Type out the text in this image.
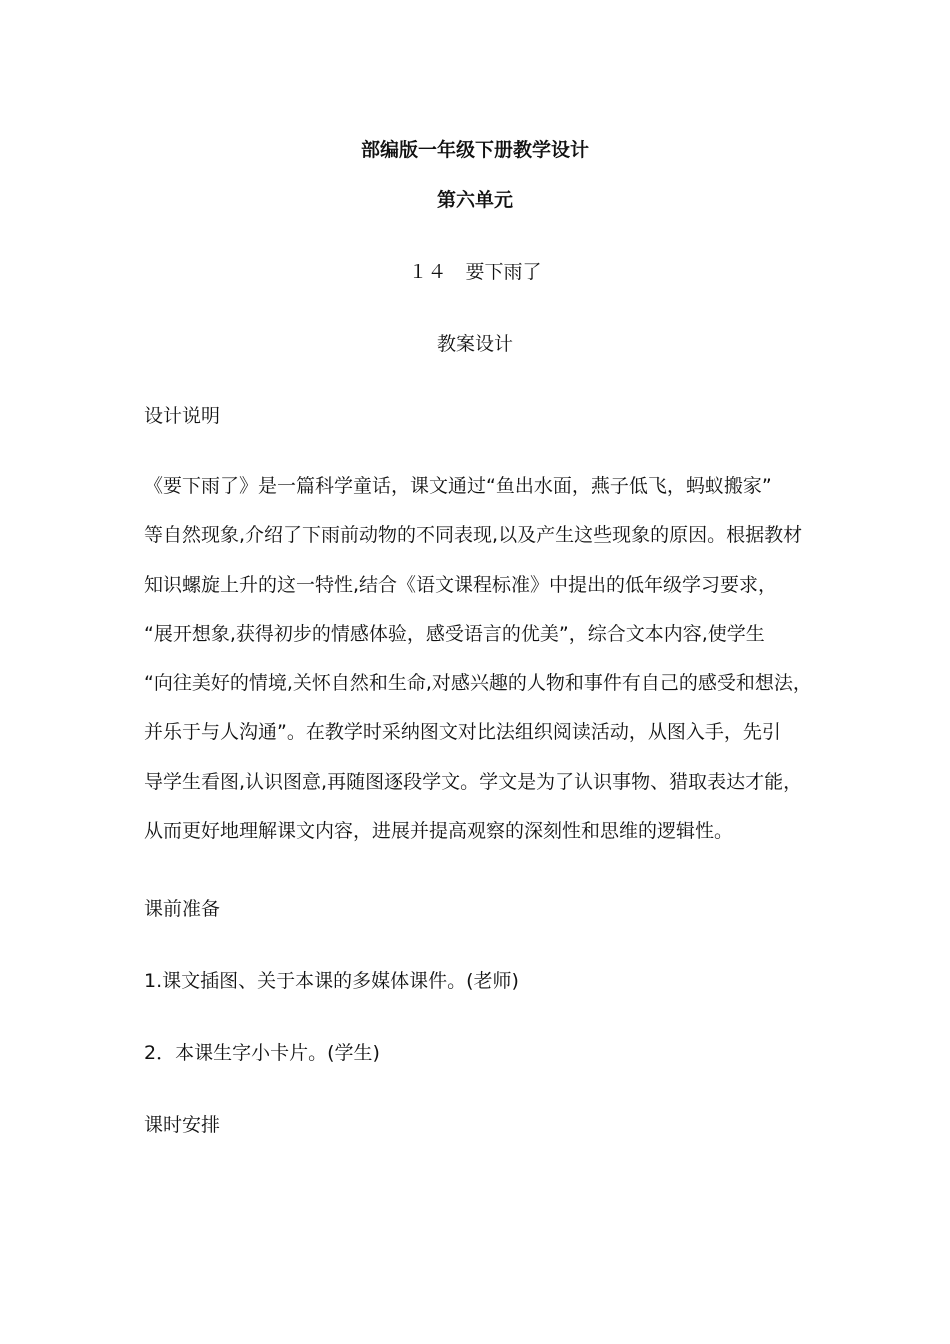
部编版一年级下册教学设计
第六单元
１４　要下雨了
教案设计
设计说明
《要下雨了》是一篇科学童话，课文通过“鱼出水面，燕子低飞，蚂蚁搬家”
等自然现象,介绍了下雨前动物的不同表现,以及产生这些现象的原因。根据教材
知识螺旋上升的这一特性,结合《语文课程标准》中提出的低年级学习要求，
“展开想象,获得初步的情感体验，感受语言的优美”，综合文本内容,使学生
“向往美好的情境,关怀自然和生命,对感兴趣的人物和事件有自己的感受和想法，
并乐于与人沟通”。在教学时采纳图文对比法组织阅读活动，从图入手，先引
导学生看图,认识图意,再随图逐段学文。学文是为了认识事物、猎取表达才能，
从而更好地理解课文内容，进展并提高观察的深刻性和思维的逻辑性。
课前准备
1.课文插图、关于本课的多媒体课件。(老师)
2．本课生字小卡片。(学生)
课时安排
